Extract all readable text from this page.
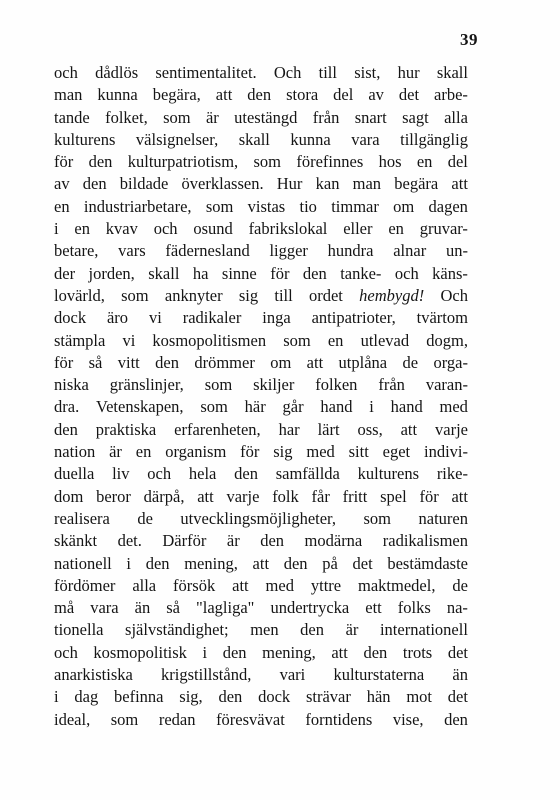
39
och dådlös sentimentalitet. Och till sist, hur skall
man kunna begära, att den stora del av det arbe-
tande folket, som är utestängd från snart sagt alla
kulturens välsignelser, skall kunna vara tillgänglig
för den kulturpatriotism, som förefinnes hos en del
av den bildade överklassen. Hur kan man begära att
en industriarbetare, som vistas tio timmar om dagen
i en kvav och osund fabrikslokal eller en gruvar-
betare, vars fädernesland ligger hundra alnar un-
der jorden, skall ha sinne för den tanke- och käns-
lovärld, som anknyter sig till ordet hembygd! Och
dock äro vi radikaler inga antipatrioter, tvärtom
stämpla vi kosmopolitismen som en utlevad dogm,
för så vitt den drömmer om att utplåna de orga-
niska gränslinjer, som skiljer folken från varan-
dra. Vetenskapen, som här går hand i hand med
den praktiska erfarenheten, har lärt oss, att varje
nation är en organism för sig med sitt eget indivi-
duella liv och hela den samfällda kulturens rike-
dom beror därpå, att varje folk får fritt spel för att
realisera de utvecklingsmöjligheter, som naturen
skänkt det. Därför är den modärna radikalismen
nationell i den mening, att den på det bestämdaste
fördömer alla försök att med yttre maktmedel, de
må vara än så "lagliga" undertrycka ett folks na-
tionella självständighet; men den är internationell
och kosmopolitisk i den mening, att den trots det
anarkistiska krigstillstånd, vari kulturstaterna än
i dag befinna sig, den dock strävar hän mot det
ideal, som redan föresvävat forntidens vise, den
